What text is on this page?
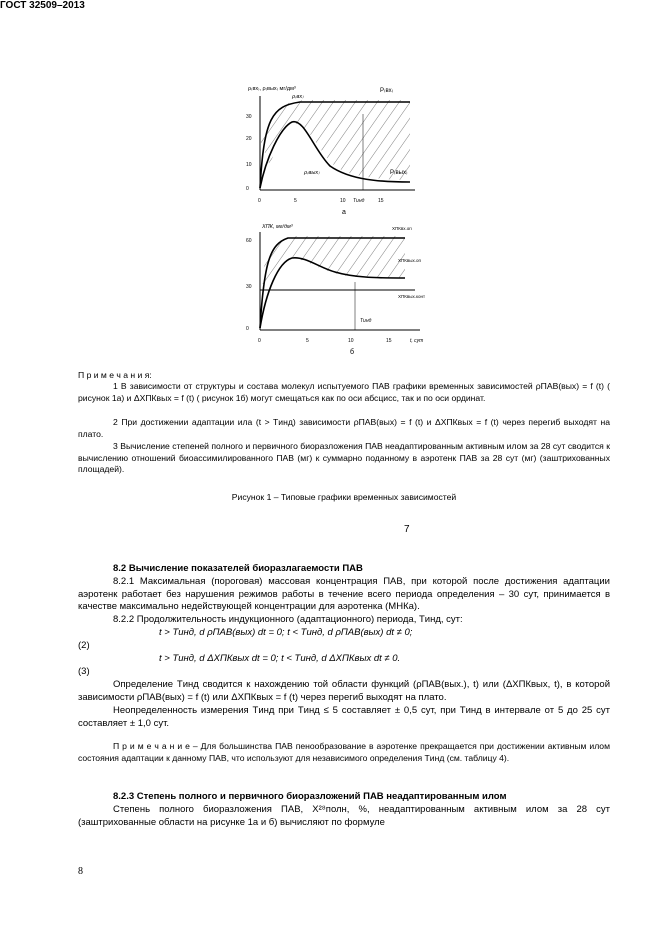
ГОСТ 32509–2013
ρ₍вх₎, ρ₍вых₎ мг/дм³
ρ₍вх₎
P₍вх₎
ρ₍вых₎	P₍вых₎
30
20
10
0
0	5	10 Tинд	15
а
ХПК, мг/дм³	ХПКвх.оп
ХПКвых.оп
ХПКвых.конт
Tинд
60
30
0
0	5	10	15	t, сут
б
П р и м е ч а н и я:
1 В зависимости от структуры и состава молекул испытуемого ПАВ графики временных зависимостей ρПАВ(вых) = f (t) ( рисунок 1а) и ΔХПКвых = f (t) ( рисунок 1б) могут смещаться как по оси абсцисс, так и по оси ординат.
2 При достижении адаптации ила (t > Tинд) зависимости ρПАВ(вых) = f (t) и ΔХПКвых = f (t) через перегиб выходят на плато.
3 Вычисление степеней полного и первичного биоразложения ПАВ неадаптированным активным илом за 28 сут сводится к вычислению отношений биоассимилированного ПАВ (мг) к суммарно поданному в аэротенк ПАВ за 28 сут (мг) (заштрихованных площадей).
Рисунок 1 – Типовые графики временных зависимостей
7
8.2 Вычисление показателей биоразлагаемости ПАВ
8.2.1 Максимальная (пороговая) массовая концентрация ПАВ, при которой после достижения адаптации аэротенк работает без нарушения режимов работы в течение всего периода определения – 30 сут, принимается в качестве максимально недействующей концентрации для аэротенка (МНКа).
8.2.2 Продолжительность индукционного (адаптационного) периода, Tинд, сут:
t > Tинд, d ρПАВ(вых) dt = 0; t < Tинд, d ρПАВ(вых) dt ≠ 0;
(2)
t > Tинд, d ΔХПКвых dt = 0; t < Tинд, d ΔХПКвых dt ≠ 0.
(3)
Определение Tинд сводится к нахождению той области функций (ρПАВ(вых.), t) или (ΔХПКвых, t), в которой зависимости ρПАВ(вых) = f (t) или ΔХПКвых = f (t) через перегиб выходят на плато.
Неопределенность измерения Tинд при Tинд ≤ 5 составляет ± 0,5 сут, при Tинд в интервале от 5 до 25 сут составляет ± 1,0 сут.
П р и м е ч а н и е – Для большинства ПАВ пенообразование в аэротенке прекращается при достижении активным илом состояния адаптации к данному ПАВ, что используют для независимого определения Tинд (см. таблицу 4).
8.2.3 Степень полного и первичного биоразложений ПАВ неадаптированным илом
Степень полного биоразложения ПАВ, X²⁸полн, %, неадаптированным активным илом за 28 сут (заштрихованные области на рисунке 1а и б) вычисляют по формуле
8
